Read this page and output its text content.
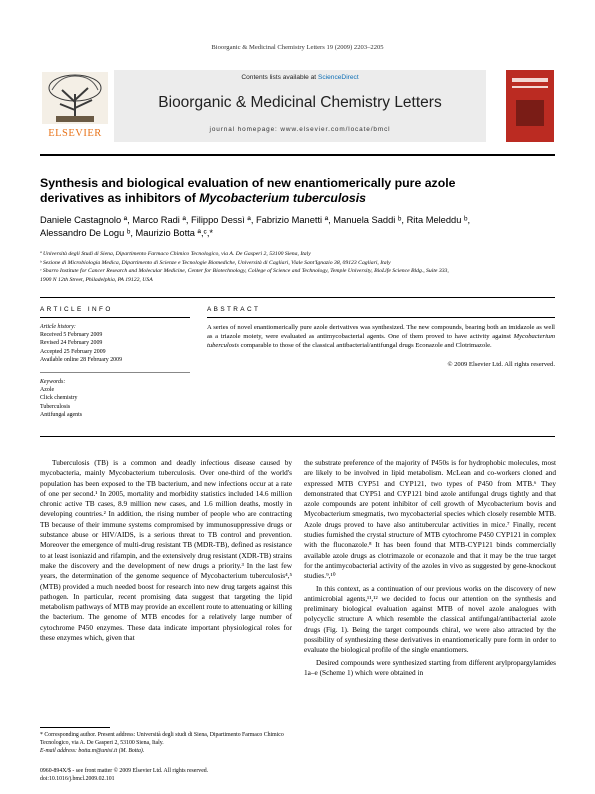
Bioorganic & Medicinal Chemistry Letters 19 (2009) 2203–2205
ELSEVIER
Contents lists available at ScienceDirect
Bioorganic & Medicinal Chemistry Letters
journal homepage: www.elsevier.com/locate/bmcl
Synthesis and biological evaluation of new enantiomerically pure azole
derivatives as inhibitors of Mycobacterium tuberculosis
Daniele Castagnolo ª, Marco Radi ª, Filippo Dessì ª, Fabrizio Manetti ª, Manuela Saddi ᵇ, Rita Meleddu ᵇ,
Alessandro De Logu ᵇ, Maurizio Botta ª,ᶜ,*
ª Università degli Studi di Siena, Dipartimento Farmaco Chimico Tecnologico, via A. De Gasperi 2, 53100 Siena, Italy
ᵇ Sezione di Microbiologia Medica, Dipartimento di Scienze e Tecnologie Biomediche, Università di Cagliari, Viale Sant'Ignazio 38, 09123 Cagliari, Italy
ᶜ Sbarro Institute for Cancer Research and Molecular Medicine, Center for Biotechnology, College of Science and Technology, Temple University, BioLife Science Bldg., Suite 333,
1900 N 12th Street, Philadelphia, PA 19122, USA
ARTICLE INFO	ABSTRACT
Article history:
Received 5 February 2009
Revised 24 February 2009
Accepted 25 February 2009
Available online 28 February 2009
Keywords:
Azole
Click chemistry
Tuberculosis
Antifungal agents
A series of novel enantiomerically pure azole derivatives was synthesized. The new compounds, bearing both an imidazole as well as a triazole moiety, were evaluated as antimycobacterial agents. One of them proved to have activity against Mycobacterium tuberculosis comparable to those of the classical antibacterial/antifungal drugs Econazole and Clotrimazole.
© 2009 Elsevier Ltd. All rights reserved.

Tuberculosis (TB) is a common and deadly infectious disease caused by mycobacteria, mainly Mycobacterium tuberculosis. Over one-third of the world's population has been exposed to the TB bacterium, and new infections occur at a rate of one per second.¹ In 2005, mortality and morbidity statistics included 14.6 million chronic active TB cases, 8.9 million new cases, and 1.6 million deaths, mostly in developing countries.² In addition, the rising number of people who are contracting TB because of their immune systems compromised by immunosuppressive drugs or substance abuse or HIV/AIDS, is a serious threat to TB control and prevention. Moreover the emergence of multi-drug resistant TB (MDR-TB), defined as resistance to at least isoniazid and rifampin, and the extensively drug resistant (XDR-TB) strains make the discovery and the development of new drugs a priority.³ In the last few years, the determination of the genome sequence of Mycobacterium tuberculosis⁴,⁵ (MTB) provided a much needed boost for research into new drug targets against this pathogen. In particular, recent promising data suggest that targeting the lipid metabolism pathways of MTB may provide an excellent route to attenuating or killing the bacterium. The genome of MTB encodes for a relatively large number of cytochrome P450 enzymes. These data indicate important physiological roles for these enzymes which, given that

the substrate preference of the majority of P450s is for hydrophobic molecules, most are likely to be involved in lipid metabolism. McLean and co-workers cloned and expressed MTB CYP51 and CYP121, two types of P450 from MTB.⁶ They demonstrated that CYP51 and CYP121 bind azole antifungal drugs tightly and that azole compounds are potent inhibitor of cell growth of Mycobacterium bovis and Mycobacterium smegmatis, two mycobacterial species which closely resemble MTB. Azole drugs proved to have also antitubercular activities in mice.⁷ Finally, recent studies furnished the crystal structure of MTB cytochrome P450 CYP121 in complex with the fluconazole.⁸ It has been found that MTB-CYP121 binds commercially available azole drugs as clotrimazole or econazole and that it may be the true target for the antimycobacterial activity of the azoles in vivo as suggested by gene-knockout studies.⁹,¹⁰

In this context, as a continuation of our previous works on the discovery of new antimicrobial agents,¹¹,¹² we decided to focus our attention on the synthesis and preliminary biological evaluation against MTB of novel azole analogues with polycyclic structure A which resemble the classical antifungal/antibacterial azole drugs (Fig. 1). Being the target compounds chiral, we were also attracted by the possibility of synthesizing these derivatives in enantiomerically pure form in order to evaluate the biological profile of the single enantiomers.

Desired compounds were synthesized starting from different arylpropargylamides 1a–e (Scheme 1) which were obtained in

* Corresponding author. Present address: Università degli studi di Siena, Dipartimento Farmaco Chimico Tecnologico, via A. De Gasperi 2, 53100 Siena, Italy.
E-mail address: botta.m@unisi.it (M. Botta).
0960-894X/$ - see front matter © 2009 Elsevier Ltd. All rights reserved.
doi:10.1016/j.bmcl.2009.02.101
